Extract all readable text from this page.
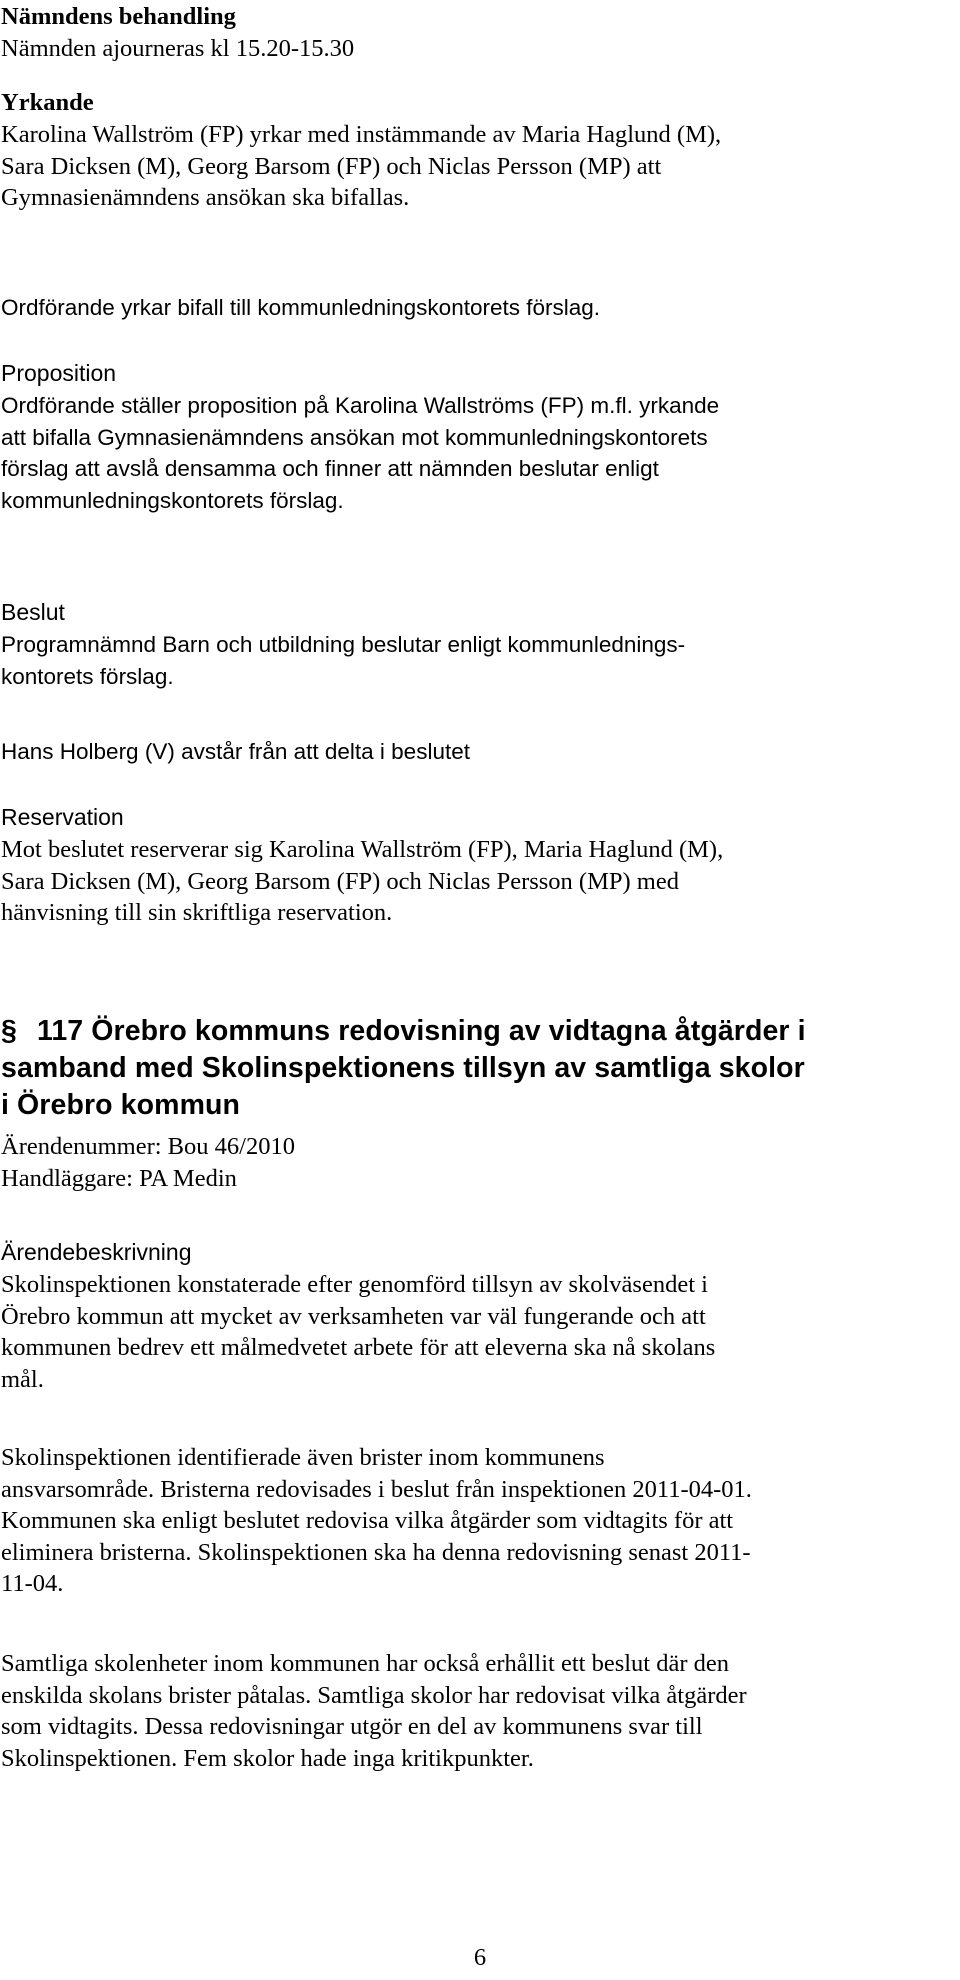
Nämndens behandling
Nämnden ajourneras kl 15.20-15.30
Yrkande
Karolina Wallström (FP) yrkar med instämmande av Maria Haglund (M),
Sara Dicksen (M), Georg Barsom (FP) och Niclas Persson (MP) att
Gymnasienämndens ansökan ska bifallas.
Ordförande yrkar bifall till kommunledningskontorets förslag.
Proposition
Ordförande ställer proposition på Karolina Wallströms (FP) m.fl. yrkande
att bifalla Gymnasienämndens ansökan mot kommunledningskontorets
förslag att avslå densamma och finner att nämnden beslutar enligt
kommunledningskontorets förslag.
Beslut
Programnämnd Barn och utbildning beslutar enligt kommunlednings-
kontorets förslag.
Hans Holberg (V) avstår från att delta i beslutet
Reservation
Mot beslutet reserverar sig Karolina Wallström (FP), Maria Haglund (M),
Sara Dicksen (M), Georg Barsom (FP) och Niclas Persson (MP) med
hänvisning till sin skriftliga reservation.
§ 117 Örebro kommuns redovisning av vidtagna åtgärder i
samband med Skolinspektionens tillsyn av samtliga skolor
i Örebro kommun
Ärendenummer: Bou 46/2010
Handläggare: PA Medin
Ärendebeskrivning
Skolinspektionen konstaterade efter genomförd tillsyn av skolväsendet i
Örebro kommun att mycket av verksamheten var väl fungerande och att
kommunen bedrev ett målmedvetet arbete för att eleverna ska nå skolans
mål.
Skolinspektionen identifierade även brister inom kommunens
ansvarsområde. Bristerna redovisades i beslut från inspektionen 2011-04-01.
Kommunen ska enligt beslutet redovisa vilka åtgärder som vidtagits för att
eliminera bristerna. Skolinspektionen ska ha denna redovisning senast 2011-
11-04.
Samtliga skolenheter inom kommunen har också erhållit ett beslut där den
enskilda skolans brister påtalas. Samtliga skolor har redovisat vilka åtgärder
som vidtagits. Dessa redovisningar utgör en del av kommunens svar till
Skolinspektionen. Fem skolor hade inga kritikpunkter.
6
